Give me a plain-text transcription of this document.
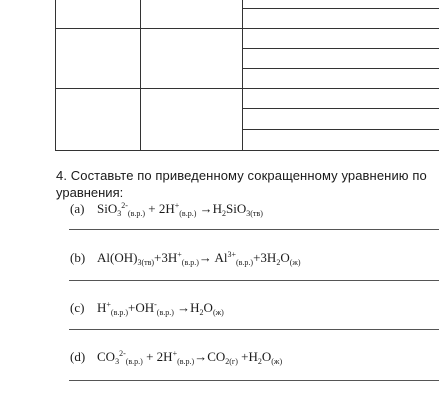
4. Составьте по приведенному сокращенному уравнению по
уравнения:
(a) $SiO_3^{2-}_{(в.р.)} + 2H^+_{(в.р.)} \to H_2SiO_{3(тв)}$
(b) $Al(OH)_{3(тв)}+3H^+_{(в.р.)}\to Al^{3+}_{(в.р.)}+3H_2O_{(ж)}$
(c) $H^+_{(в.р.)}+OH^-_{(в.р.)} \to H_2O_{(ж)}$
(d) $CO_3^{2-}_{(в.р.)} + 2H^+_{(в.р.)}\to CO_{2(г)} +H_2O_{(ж)}$
